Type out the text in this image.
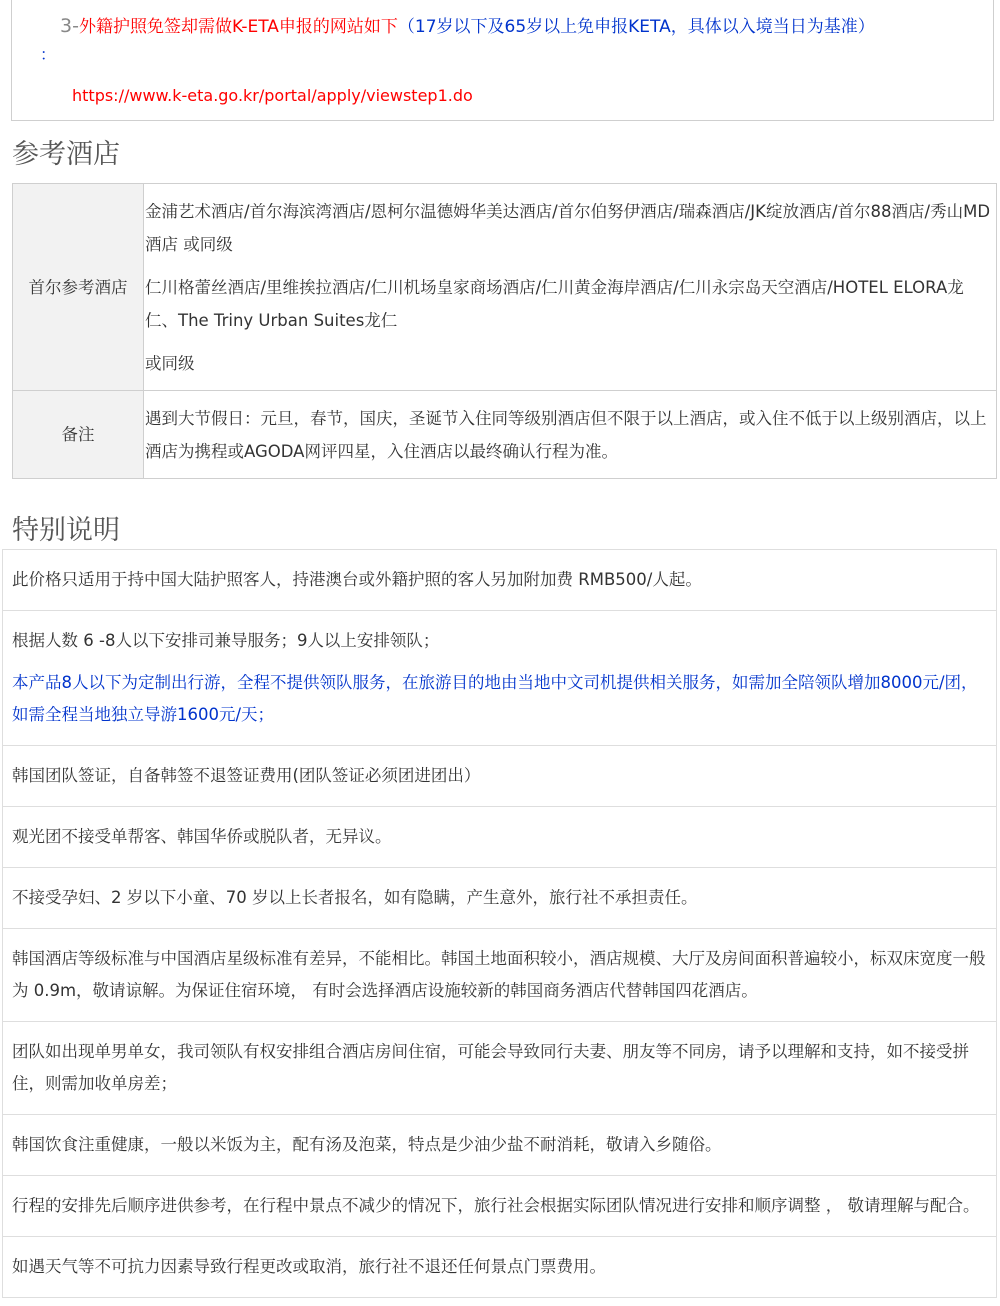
3-外籍护照免签却需做K-ETA申报的网站如下（17岁以下及65岁以上免申报KETA，具体以入境当日为基准）
：
https://www.k-eta.go.kr/portal/apply/viewstep1.do
参考酒店
首尔参考酒店	金浦艺术酒店/首尔海滨湾酒店/恩柯尔温德姆华美达酒店/首尔伯努伊酒店/瑞森酒店/JK绽放酒店/首尔88酒店/秀山MD酒店 或同级

仁川格蕾丝酒店/里维挨拉酒店/仁川机场皇家商场酒店/仁川黄金海岸酒店/仁川永宗岛天空酒店/HOTEL ELORA龙仁、The Triny Urban Suites龙仁

或同级

备注	遇到大节假日：元旦，春节，国庆，圣诞节入住同等级别酒店但不限于以上酒店，或入住不低于以上级别酒店，以上酒店为携程或AGODA网评四星，入住酒店以最终确认行程为准。

特别说明

此价格只适用于持中国大陆护照客人，持港澳台或外籍护照的客人另加附加费 RMB500/人起。

根据人数 6 -8人以下安排司兼导服务；9人以上安排领队；

本产品8人以下为定制出行游，全程不提供领队服务，在旅游目的地由当地中文司机提供相关服务，如需加全陪领队增加8000元/团，如需全程当地独立导游1600元/天；

韩国团队签证，自备韩签不退签证费用(团队签证必须团进团出）

观光团不接受单帮客、韩国华侨或脱队者，无异议。

不接受孕妇、2 岁以下小童、70 岁以上长者报名，如有隐瞒，产生意外，旅行社不承担责任。

韩国酒店等级标准与中国酒店星级标准有差异，不能相比。韩国土地面积较小，酒店规模、大厅及房间面积普遍较小，标双床宽度一般为 0.9m，敬请谅解。为保证住宿环境， 有时会选择酒店设施较新的韩国商务酒店代替韩国四花酒店。

团队如出现单男单女，我司领队有权安排组合酒店房间住宿，可能会导致同行夫妻、朋友等不同房，请予以理解和支持，如不接受拼住，则需加收单房差；

韩国饮食注重健康，一般以米饭为主，配有汤及泡菜，特点是少油少盐不耐消耗，敬请入乡随俗。

行程的安排先后顺序进供参考，在行程中景点不减少的情况下，旅行社会根据实际团队情况进行安排和顺序调整 ， 敬请理解与配合。

如遇天气等不可抗力因素导致行程更改或取消，旅行社不退还任何景点门票费用。
